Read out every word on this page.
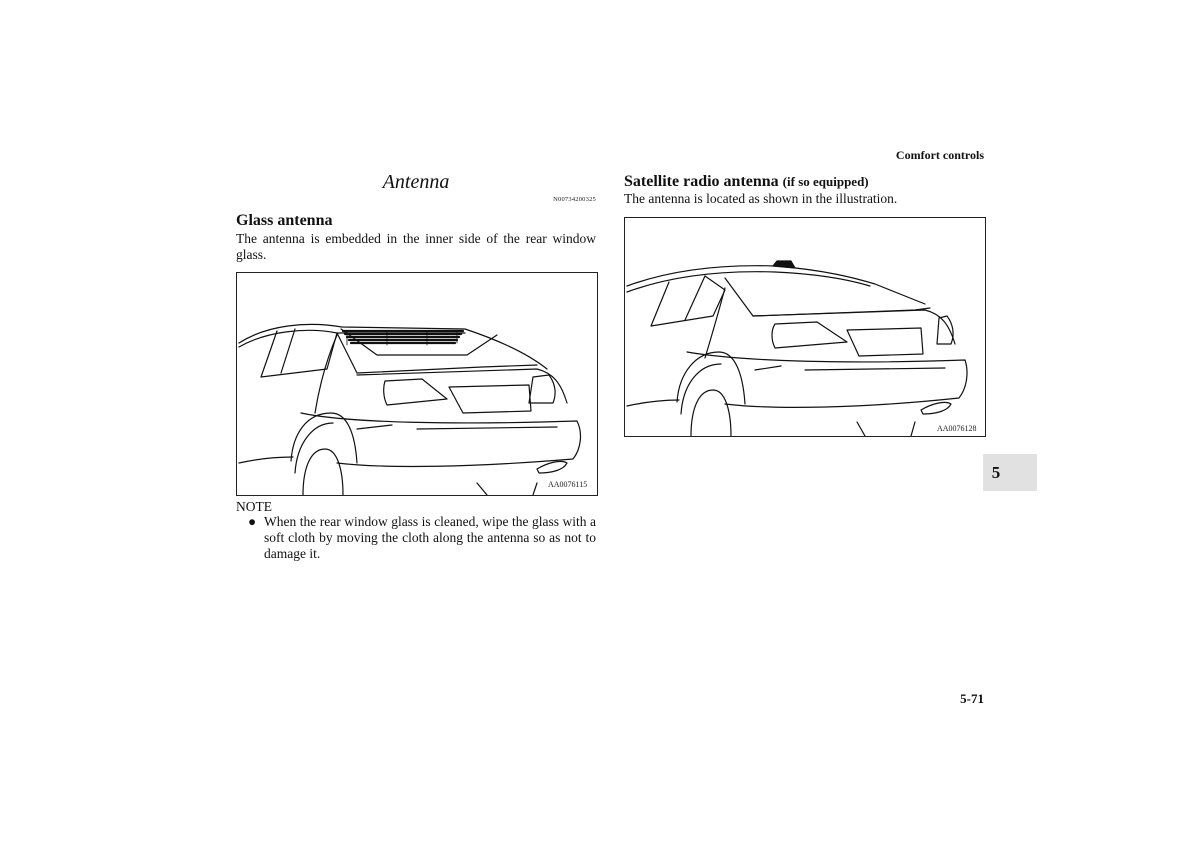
Comfort controls
Antenna
N00734200325
Glass antenna
The antenna is embedded in the inner side of the rear window glass.
AA0076115
NOTE
● When the rear window glass is cleaned, wipe the glass with a soft cloth by moving the cloth along the antenna so as not to damage it.
Satellite radio antenna (if so equipped)
The antenna is located as shown in the illustration.
AA0076128
5
5-71
